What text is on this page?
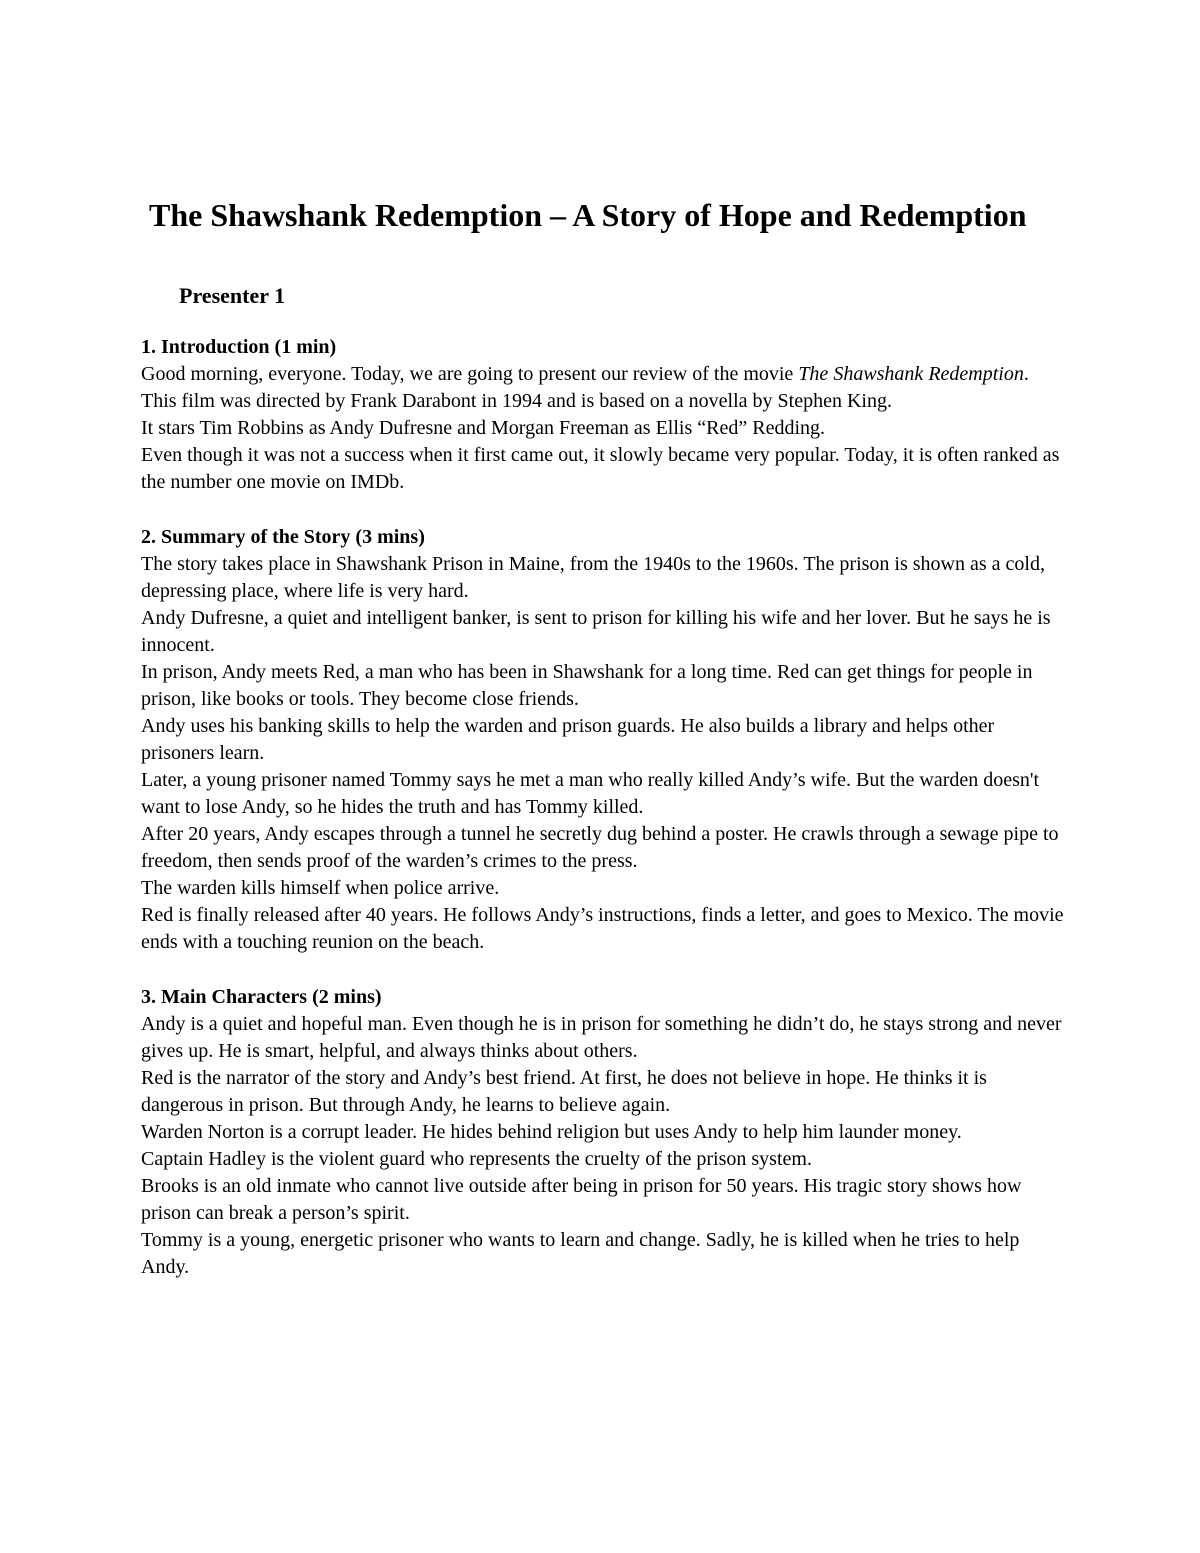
The Shawshank Redemption – A Story of Hope and Redemption
Presenter 1
1. Introduction (1 min)

Good morning, everyone. Today, we are going to present our review of the movie The Shawshank Redemption.

This film was directed by Frank Darabont in 1994 and is based on a novella by Stephen King.

It stars Tim Robbins as Andy Dufresne and Morgan Freeman as Ellis “Red” Redding.

Even though it was not a success when it first came out, it slowly became very popular. Today, it is often ranked as the number one movie on IMDb.

2. Summary of the Story (3 mins)

The story takes place in Shawshank Prison in Maine, from the 1940s to the 1960s. The prison is shown as a cold, depressing place, where life is very hard.

Andy Dufresne, a quiet and intelligent banker, is sent to prison for killing his wife and her lover. But he says he is innocent.

In prison, Andy meets Red, a man who has been in Shawshank for a long time. Red can get things for people in prison, like books or tools. They become close friends.

Andy uses his banking skills to help the warden and prison guards. He also builds a library and helps other prisoners learn.

Later, a young prisoner named Tommy says he met a man who really killed Andy’s wife. But the warden doesn't want to lose Andy, so he hides the truth and has Tommy killed.

After 20 years, Andy escapes through a tunnel he secretly dug behind a poster. He crawls through a sewage pipe to freedom, then sends proof of the warden’s crimes to the press.

The warden kills himself when police arrive.

Red is finally released after 40 years. He follows Andy’s instructions, finds a letter, and goes to Mexico. The movie ends with a touching reunion on the beach.

3. Main Characters (2 mins)

Andy is a quiet and hopeful man. Even though he is in prison for something he didn’t do, he stays strong and never gives up. He is smart, helpful, and always thinks about others.

Red is the narrator of the story and Andy’s best friend. At first, he does not believe in hope. He thinks it is dangerous in prison. But through Andy, he learns to believe again.

Warden Norton is a corrupt leader. He hides behind religion but uses Andy to help him launder money.

Captain Hadley is the violent guard who represents the cruelty of the prison system.

Brooks is an old inmate who cannot live outside after being in prison for 50 years. His tragic story shows how prison can break a person’s spirit.

Tommy is a young, energetic prisoner who wants to learn and change. Sadly, he is killed when he tries to help Andy.
